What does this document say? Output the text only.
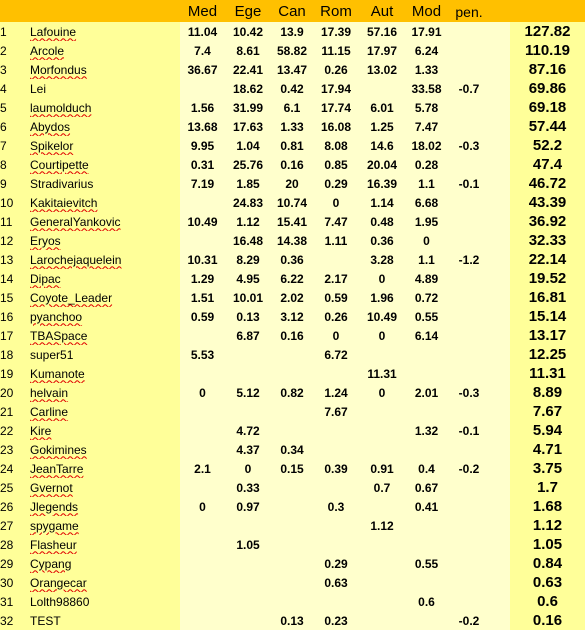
		Med	Ege	Can	Rom	Aut	Mod	pen.		
1	Lafouine	11.04	10.42	13.9	17.39	57.16	17.91			127.82
2	Arcole	7.4	8.61	58.82	11.15	17.97	6.24			110.19
3	Morfondus	36.67	22.41	13.47	0.26	13.02	1.33			87.16
4	Lei		18.62	0.42	17.94		33.58	-0.7		69.86
5	laumolduch	1.56	31.99	6.1	17.74	6.01	5.78			69.18
6	Abydos	13.68	17.63	1.33	16.08	1.25	7.47			57.44
7	Spikelor	9.95	1.04	0.81	8.08	14.6	18.02	-0.3		52.2
8	Courtipette	0.31	25.76	0.16	0.85	20.04	0.28			47.4
9	Stradivarius	7.19	1.85	20	0.29	16.39	1.1	-0.1		46.72
10	Kakitaievitch		24.83	10.74	0	1.14	6.68			43.39
11	GeneralYankovic	10.49	1.12	15.41	7.47	0.48	1.95			36.92
12	Eryos		16.48	14.38	1.11	0.36	0			32.33
13	Larochejaquelein	10.31	8.29	0.36		3.28	1.1	-1.2		22.14
14	Dipac	1.29	4.95	6.22	2.17	0	4.89			19.52
15	Coyote_Leader	1.51	10.01	2.02	0.59	1.96	0.72			16.81
16	pyanchoo	0.59	0.13	3.12	0.26	10.49	0.55			15.14
17	TBASpace		6.87	0.16	0	0	6.14			13.17
18	super51	5.53			6.72					12.25
19	Kumanote					11.31				11.31
20	helvain	0	5.12	0.82	1.24	0	2.01	-0.3		8.89
21	Carline				7.67					7.67
22	Kire		4.72				1.32	-0.1		5.94
23	Gokimines		4.37	0.34						4.71
24	JeanTarre	2.1	0	0.15	0.39	0.91	0.4	-0.2		3.75
25	Gvernot		0.33			0.7	0.67			1.7
26	Jlegends	0	0.97		0.3		0.41			1.68
27	spygame					1.12				1.12
28	Flasheur		1.05							1.05
29	Cypang				0.29		0.55			0.84
30	Orangecar				0.63					0.63
31	Lolth98860						0.6			0.6
32	TEST			0.13	0.23			-0.2		0.16
